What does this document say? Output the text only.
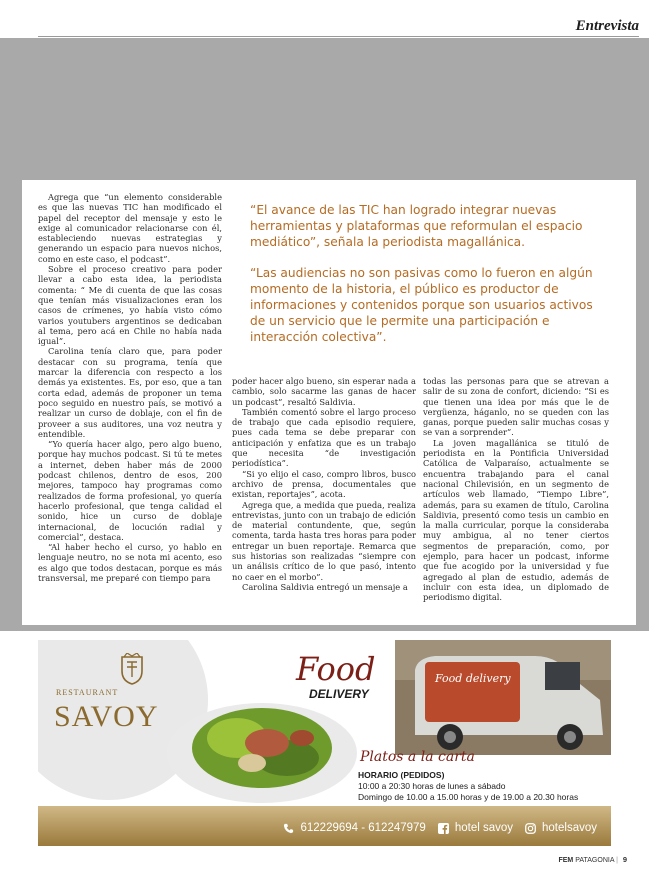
Entrevista

Agrega que “un elemento considerable es que las nuevas TIC han modificado el papel del receptor del mensaje y esto le exige al comunicador relacionarse con él, estableciendo nuevas estrategias y generando un espacio para nuevos nichos, como en este caso, el podcast”.

Sobre el proceso creativo para poder llevar a cabo esta idea, la periodista comenta: “ Me di cuenta de que las cosas que tenían más visualizaciones eran los casos de crímenes, yo había visto cómo varios youtubers argentinos se dedicaban al tema, pero acá en Chile no había nada igual”.

Carolina tenía claro que, para poder destacar con su programa, tenía que marcar la diferencia con respecto a los demás ya existentes. Es, por eso, que a tan corta edad, además de proponer un tema poco seguido en nuestro país, se motivó a realizar un curso de doblaje, con el fin de proveer a sus auditores, una voz neutra y entendible.

“Yo quería hacer algo, pero algo bueno, porque hay muchos podcast. Si tú te metes a internet, deben haber más de 2000 podcast chilenos, dentro de esos, 200 mejores, tampoco hay programas como realizados de forma profesional, yo quería hacerlo profesional, que tenga calidad el sonido, hice un curso de doblaje internacional, de locución radial y comercial”, destaca.

“Al haber hecho el curso, yo hablo en lenguaje neutro, no se nota mi acento, eso es algo que todos destacan, porque es más transversal, me preparé con tiempo para

“El avance de las TIC han logrado integrar nuevas herramientas y plataformas que reformulan el espacio mediático”, señala la periodista magallánica.

“Las audiencias no son pasivas como lo fueron en algún momento de la historia, el público es productor de informaciones y contenidos porque son usuarios activos de un servicio que le permite una participación e interacción colectiva”.

poder hacer algo bueno, sin esperar nada a cambio, solo sacarme las ganas de hacer un podcast”, resaltó Saldivia.

También comentó sobre el largo proceso de trabajo que cada episodio requiere, pues cada tema se debe preparar con anticipación y enfatiza que es un trabajo que necesita “de investigación periodística”.

“Si yo elijo el caso, compro libros, busco archivo de prensa, documentales que existan, reportajes”, acota.

Agrega que, a medida que pueda, realiza entrevistas, junto con un trabajo de edición de material contundente, que, según comenta, tarda hasta tres horas para poder entregar un buen reportaje. Remarca que sus historias son realizadas “siempre con un análisis crítico de lo que pasó, intento no caer en el morbo”.

Carolina Saldivia entregó un mensaje a

todas las personas para que se atrevan a salir de su zona de confort, diciendo: “Si es que tienen una idea por más que le de vergüenza, háganlo, no se queden con las ganas, porque pueden salir muchas cosas y se van a sorprender”.

La joven magallánica se tituló de periodista en la Pontificia Universidad Católica de Valparaíso, actualmente se encuentra trabajando para el canal nacional Chilevisión, en un segmento de artículos web llamado, “Tiempo Libre”, además, para su examen de título, Carolina Saldivia, presentó como tesis un cambio en la malla curricular, porque la consideraba muy ambigua, al no tener ciertos segmentos de preparación, como, por ejemplo, para hacer un podcast, informe que fue acogido por la universidad y fue agregado al plan de estudio, además de incluir con esta idea, un diplomado de periodismo digital.

RESTAURANT
SAVOY
Food
DELIVERY
Food delivery
Platos a la carta
HORARIO (PEDIDOS)
10:00 a 20:30 horas de lunes a sábado
Domingo de 10.00 a 15.00 horas y de 19.00 a 20.30 horas
612229694 - 612247979	hotel savoy	hotelsavoy
FEM PATAGONIA | 9
